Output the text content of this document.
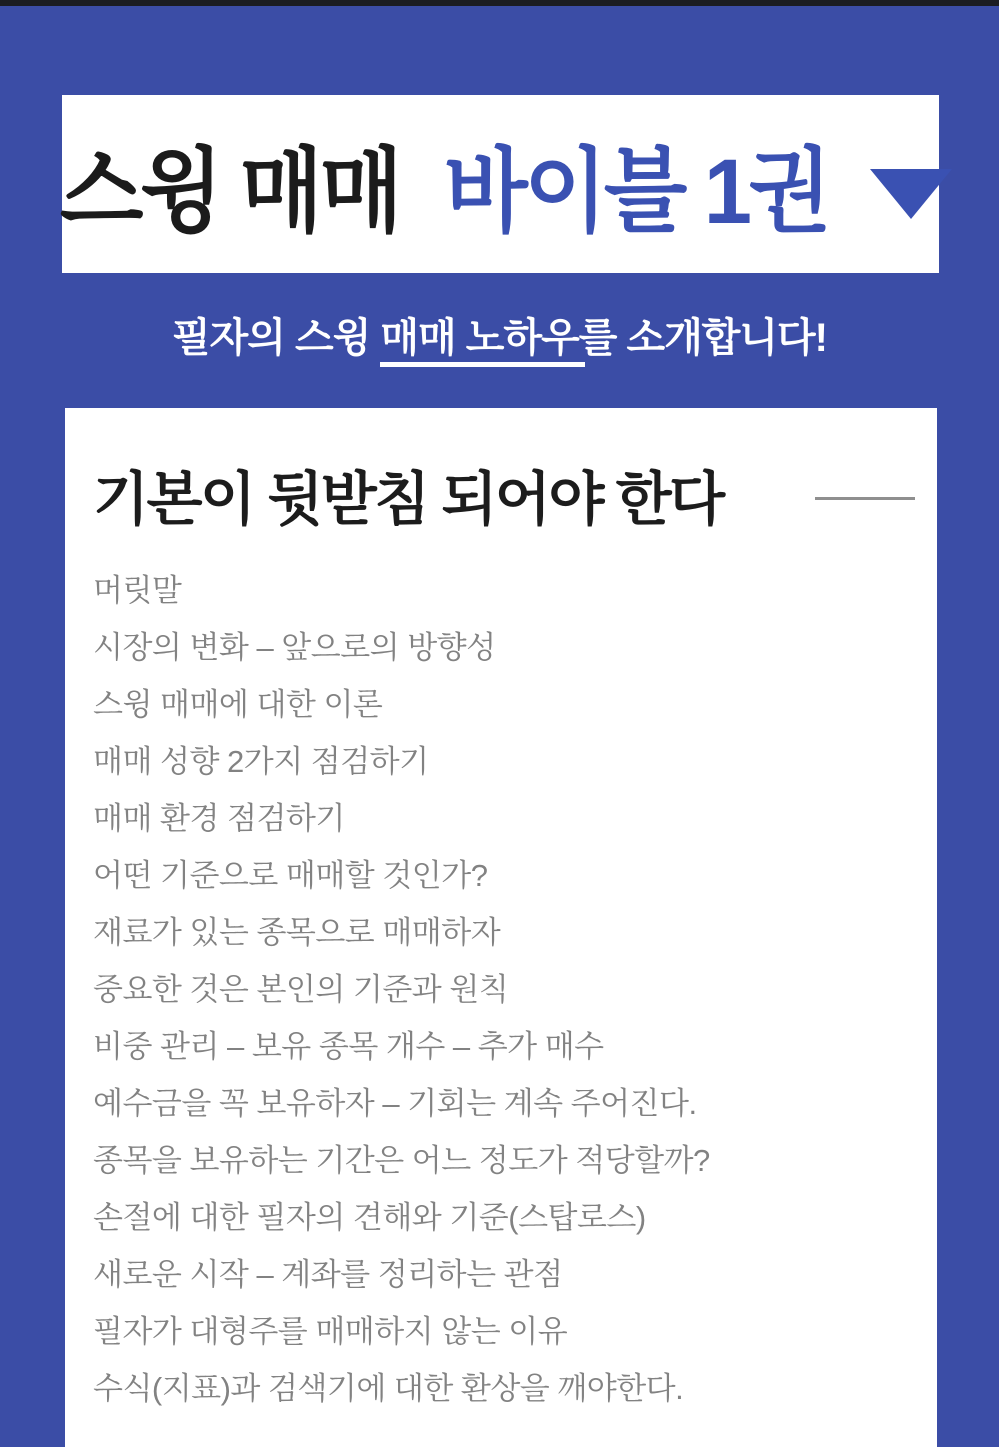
스윙 매매 바이블 1권
필자의 스윙 매매 노하우를 소개합니다!
기본이 뒷받침 되어야 한다
머릿말
시장의 변화 – 앞으로의 방향성
스윙 매매에 대한 이론
매매 성향 2가지 점검하기
매매 환경 점검하기
어떤 기준으로 매매할 것인가?
재료가 있는 종목으로 매매하자
중요한 것은 본인의 기준과 원칙
비중 관리 – 보유 종목 개수 – 추가 매수
예수금을 꼭 보유하자 – 기회는 계속 주어진다.
종목을 보유하는 기간은 어느 정도가 적당할까?
손절에 대한 필자의 견해와 기준(스탑로스)
새로운 시작 – 계좌를 정리하는 관점
필자가 대형주를 매매하지 않는 이유
수식(지표)과 검색기에 대한 환상을 깨야한다.
